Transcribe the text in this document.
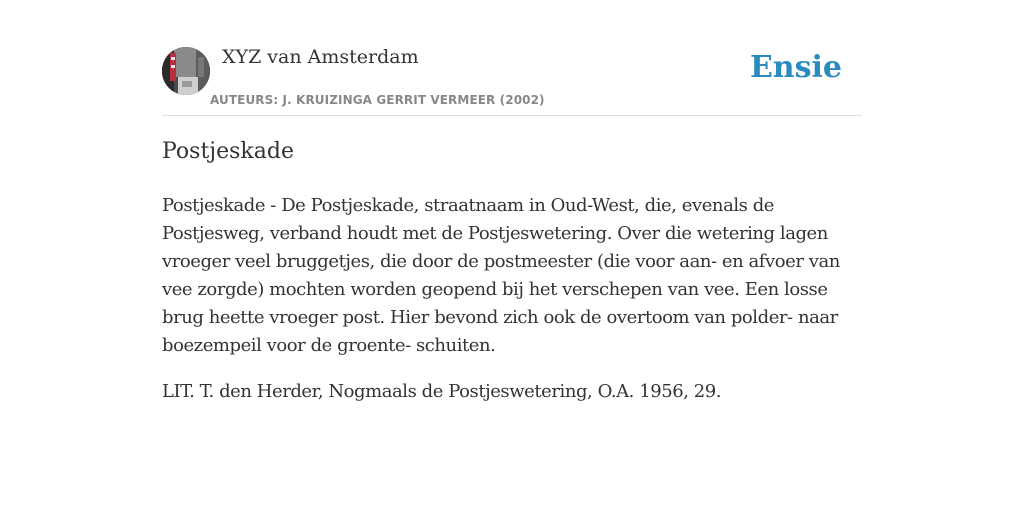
XYZ van Amsterdam
AUTEURS: J. KRUIZINGA GERRIT VERMEER (2002)
Ensie
Postjeskade

Postjeskade - De Postjeskade, straatnaam in Oud-West, die, evenals de Postjesweg, verband houdt met de Postjeswetering. Over die wetering lagen vroeger veel bruggetjes, die door de postmeester (die voor aan- en afvoer van vee zorgde) mochten worden geopend bij het verschepen van vee. Een losse brug heette vroeger post. Hier bevond zich ook de overtoom van polder- naar boezempeil voor de groente- schuiten.

LIT. T. den Herder, Nogmaals de Postjeswetering, O.A. 1956, 29.
